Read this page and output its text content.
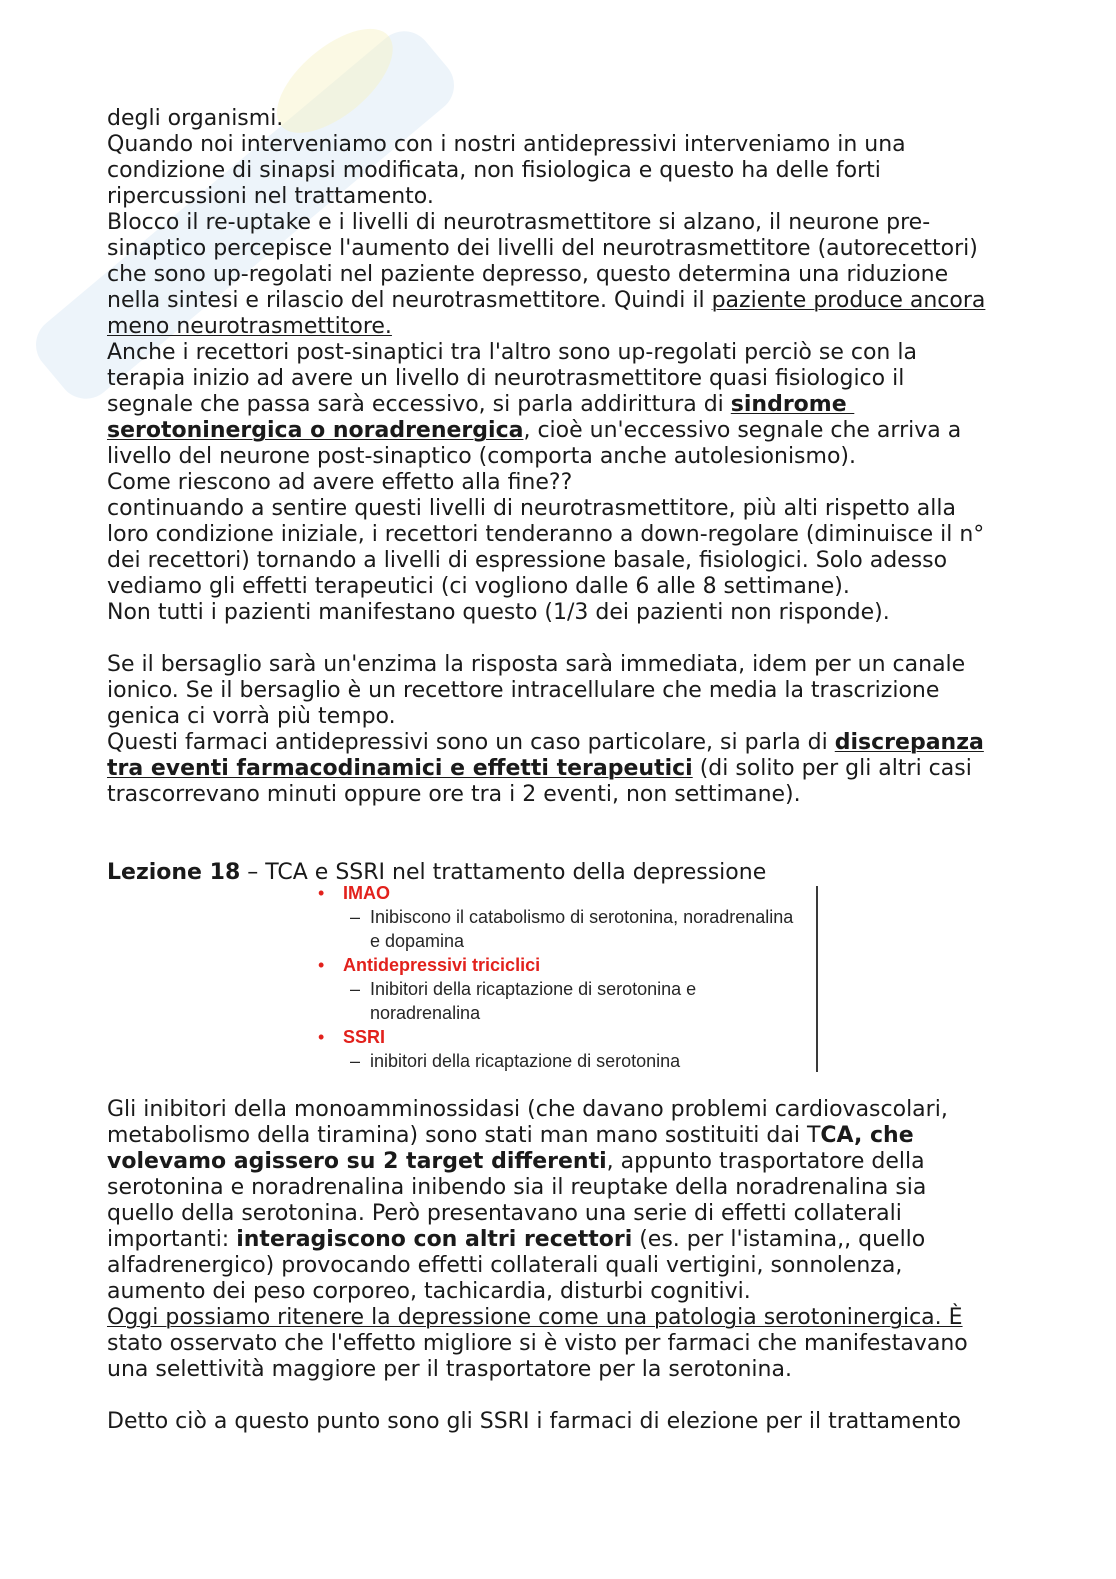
degli organismi.
Quando noi interveniamo con i nostri antidepressivi interveniamo in una
condizione di sinapsi modificata, non fisiologica e questo ha delle forti
ripercussioni nel trattamento.
Blocco il re-uptake e i livelli di neurotrasmettitore si alzano, il neurone pre-
sinaptico percepisce l'aumento dei livelli del neurotrasmettitore (autorecettori)
che sono up-regolati nel paziente depresso, questo determina una riduzione
nella sintesi e rilascio del neurotrasmettitore. Quindi il paziente produce ancora
meno neurotrasmettitore.
Anche i recettori post-sinaptici tra l'altro sono up-regolati perciò se con la
terapia inizio ad avere un livello di neurotrasmettitore quasi fisiologico il
segnale che passa sarà eccessivo, si parla addirittura di sindrome
serotoninergica o noradrenergica, cioè un'eccessivo segnale che arriva a
livello del neurone post-sinaptico (comporta anche autolesionismo).
Come riescono ad avere effetto alla fine??
continuando a sentire questi livelli di neurotrasmettitore, più alti rispetto alla
loro condizione iniziale, i recettori tenderanno a down-regolare (diminuisce il n°
dei recettori) tornando a livelli di espressione basale, fisiologici. Solo adesso
vediamo gli effetti terapeutici (ci vogliono dalle 6 alle 8 settimane).
Non tutti i pazienti manifestano questo (1/3 dei pazienti non risponde).
Se il bersaglio sarà un'enzima la risposta sarà immediata, idem per un canale
ionico. Se il bersaglio è un recettore intracellulare che media la trascrizione
genica ci vorrà più tempo.
Questi farmaci antidepressivi sono un caso particolare, si parla di discrepanza
tra eventi farmacodinamici e effetti terapeutici (di solito per gli altri casi
trascorrevano minuti oppure ore tra i 2 eventi, non settimane).
Lezione 18 – TCA e SSRI nel trattamento della depressione
• IMAO
– Inibiscono il catabolismo di serotonina, noradrenalina
e dopamina
• Antidepressivi triciclici
– Inibitori della ricaptazione di serotonina e
noradrenalina
• SSRI
– inibitori della ricaptazione di serotonina
Gli inibitori della monoamminossidasi (che davano problemi cardiovascolari,
metabolismo della tiramina) sono stati man mano sostituiti dai TCA, che
volevamo agissero su 2 target differenti, appunto trasportatore della
serotonina e noradrenalina inibendo sia il reuptake della noradrenalina sia
quello della serotonina. Però presentavano una serie di effetti collaterali
importanti: interagiscono con altri recettori (es. per l'istamina,, quello
alfadrenergico) provocando effetti collaterali quali vertigini, sonnolenza,
aumento dei peso corporeo, tachicardia, disturbi cognitivi.
Oggi possiamo ritenere la depressione come una patologia serotoninergica. È
stato osservato che l'effetto migliore si è visto per farmaci che manifestavano
una selettività maggiore per il trasportatore per la serotonina.
Detto ciò a questo punto sono gli SSRI i farmaci di elezione per il trattamento
